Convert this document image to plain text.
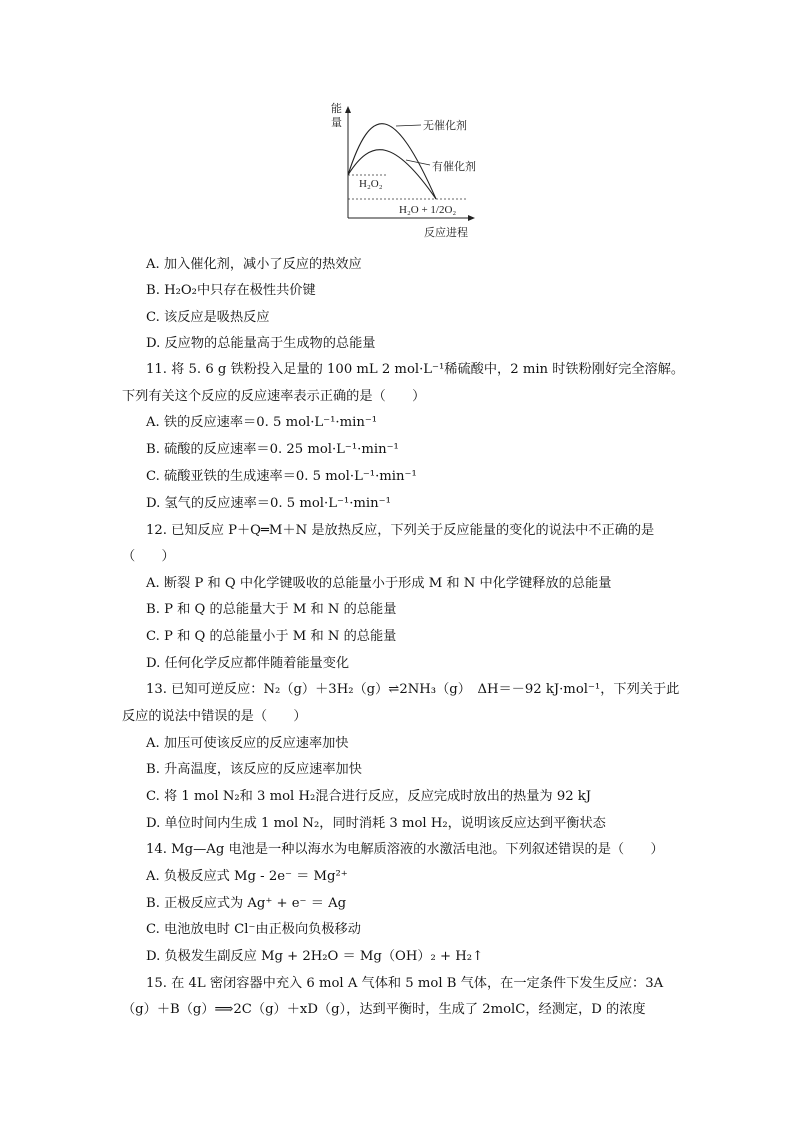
能
量	无催化剂
有催化剂
H₂O₂
H₂O + 1/2O₂
反应进程
A. 加入催化剂，减小了反应的热效应
B. H₂O₂中只存在极性共价键
C. 该反应是吸热反应
D. 反应物的总能量高于生成物的总能量
11. 将 5. 6 g 铁粉投入足量的 100 mL 2 mol·L⁻¹稀硫酸中，2 min 时铁粉刚好完全溶解。
下列有关这个反应的反应速率表示正确的是（　　）
A. 铁的反应速率＝0. 5 mol·L⁻¹·min⁻¹
B. 硫酸的反应速率＝0. 25 mol·L⁻¹·min⁻¹
C. 硫酸亚铁的生成速率＝0. 5 mol·L⁻¹·min⁻¹
D. 氢气的反应速率＝0. 5 mol·L⁻¹·min⁻¹
12. 已知反应 P＋Q═M＋N 是放热反应，下列关于反应能量的变化的说法中不正确的是
（　　）
A. 断裂 P 和 Q 中化学键吸收的总能量小于形成 M 和 N 中化学键释放的总能量
B. P 和 Q 的总能量大于 M 和 N 的总能量
C. P 和 Q 的总能量小于 M 和 N 的总能量
D. 任何化学反应都伴随着能量变化
13. 已知可逆反应：N₂（g）＋3H₂（g）⇌2NH₃（g）　ΔH＝－92 kJ·mol⁻¹，下列关于此
反应的说法中错误的是（　　）
A. 加压可使该反应的反应速率加快
B. 升高温度，该反应的反应速率加快
C. 将 1 mol N₂和 3 mol H₂混合进行反应，反应完成时放出的热量为 92 kJ
D. 单位时间内生成 1 mol N₂，同时消耗 3 mol H₂，说明该反应达到平衡状态
14. Mg—Ag 电池是一种以海水为电解质溶液的水激活电池。下列叙述错误的是（　　）
A. 负极反应式 Mg - 2e⁻ ＝ Mg²⁺
B. 正极反应式为 Ag⁺ + e⁻ ＝ Ag
C. 电池放电时 Cl⁻由正极向负极移动
D. 负极发生副反应 Mg + 2H₂O ＝ Mg（OH）₂ + H₂↑
15. 在 4L 密闭容器中充入 6 mol A 气体和 5 mol B 气体，在一定条件下发生反应：3A
（g）＋B（g）⟹2C（g）＋xD（g），达到平衡时，生成了 2molC，经测定，D 的浓度
